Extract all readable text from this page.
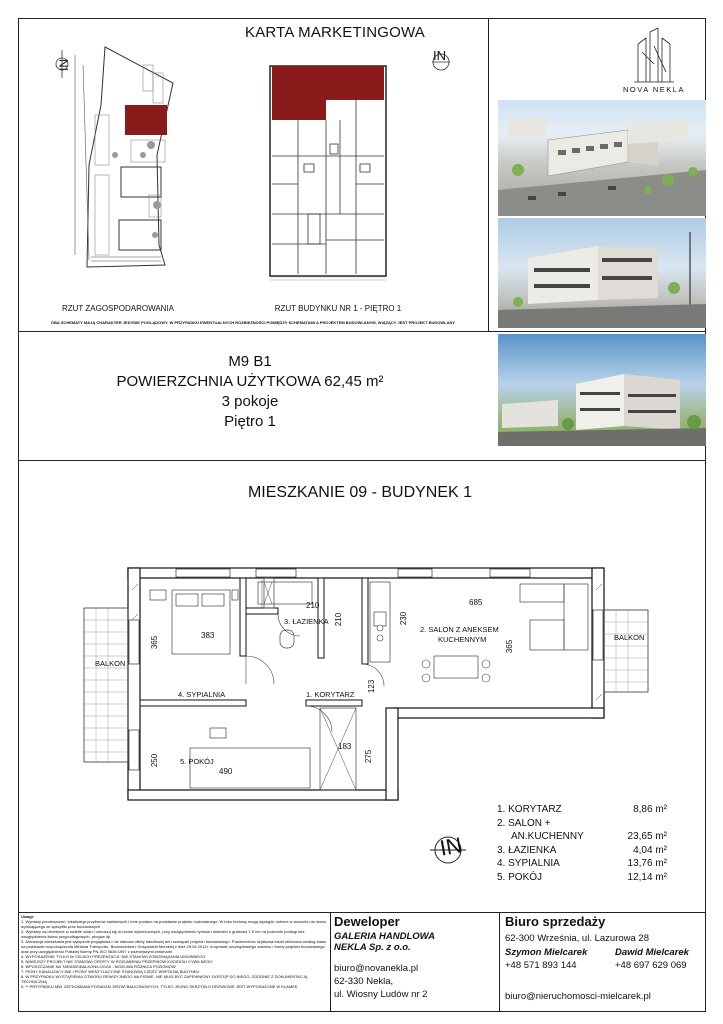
KARTA MARKETINGOWA
IN
RZUT ZAGOSPODAROWANIA
IN
RZUT BUDYNKU NR 1 - PIĘTRO 1
OBA SCHEMATY MAJĄ CHARAKTER JEDYNIE POGLĄDOWY. W PRZYPADKU EWENTUALNYCH ROZBIEŻNOŚCI POMIĘDZY SCHEMATAMI A PROJEKTEM BUDOWLANYM, WIĄŻĄCY JEST PROJEKT BUDOWLANY
NOVA NEKLA
M9 B1
POWIERZCHNIA UŻYTKOWA 62,45 m²
3 pokoje
Piętro 1
MIESZKANIE 09 - BUDYNEK 1
BALKON
BALKON
3. ŁAZIENKA
2. SALON Z ANEKSEM
KUCHENNYM
4. SYPIALNIA	1. KORYTARZ
5. POKÓJ
365
383
210
210	230
685
365
123
183
275
250
490
IN
1. KORYTARZ	8,86 m²
2. SALON +	
AN.KUCHENNY	23,65 m²
3. ŁAZIENKA	4,04 m²
4. SYPIALNIA	13,76 m²
5. POKÓJ	12,14 m²
Uwagi:
1. Wymiary pomieszczeń, lokalizacja przyborów sanitarnych i inne podano na podstawie projektu budowlanego. W toku budowy mogą wystąpić różnice w stosunku do stanu wynikającego ze specyfiki prac budowlanych
2. Wymiary są określone w świetle ścian i odnoszą się do ścian wykończonych, przy uwzględnieniu tynków i okładzin o grubości 1,5 cm na poziomie podłogi bez uwzględnienia listew przypodłogowych, progów itp.
3. Aranżacja mieszkania jest wyłącznie poglądowa i nie stanowi oferty handlowej ani rozwiązań projektu budowlanego. Powierzchnia użytkowa lokali obliczona według stanu na podstawie rozporządzenia Ministra Transportu, Budownictwa i Gospodarki Morskiej z dnia 25.04.2012r. w sprawie szczegółowego zakresu i formy projektu budowlanego oraz przy uwzględnieniu Polskiej Normy PN-ISO 9836:1997 z późniejszymi zmianami
4. WYPOSAŻENIE TYLKO W CELACH PREZENTACJI, NIE STANOWI ZOBOWIĄZANIA UMOWNEGO
5. NINIEJSZY PROJEKT NIE STANOWI OFERTY W ROZUMIENIU PRZEPISÓW KODEKSU CYWILNEGO
6. WPUSZCZANIE NA TARASIE/BALKON/LOGGII - MOŻLIWA RÓŻNICA POZIOMÓW
7. PIONY KANALIZACYJNE I PIONY WENTYLACYJNE STANOWIĄ CZĘŚĆ WSPÓLNĄ BUDYNKU
8. W PRZYPADKU WYSTĄPIENIA OTWORU REWIZYJNEGO NA PIONIE, NIE MUSI BYĆ ZAPEWNIONY DOSTĘP DO NIEGO, ZGODNIE Z DOKUMENTACJĄ TECHNICZNĄ
9. ** PRZYPADKU MW. ZEFDOMANIA POSADZKI DRZWI BALKONOWYCH, TYLKO JEDNO SKRZYDŁO DRZWIOWE JEST WYPOSAŻONE W KLAMKĘ
Deweloper
GALERIA HANDLOWA
NEKLA Sp. z o.o.
biuro@novanekla.pl
62-330 Nekla,
ul. Wiosny Ludów nr 2
Biuro sprzedaży
62-300 Września, ul. Lazurowa 28
Szymon Mielcarek
+48 571 893 144
Dawid Mielcarek
+48 697 629 069
biuro@nieruchomosci-mielcarek.pl
